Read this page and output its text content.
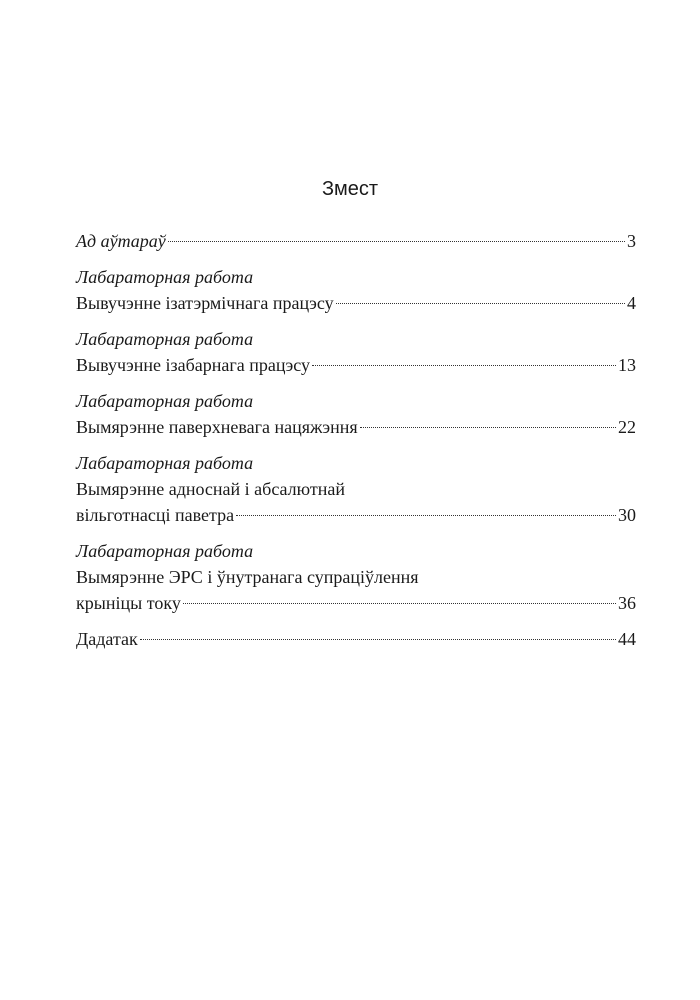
Змест
Ад аўтараў	3
Лабараторная работа
Вывучэнне ізатэрмічнага працэсу	4
Лабараторная работа
Вывучэнне ізабарнага працэсу	13
Лабараторная работа
Вымярэнне паверхневага нацяжэння	22
Лабараторная работа
Вымярэнне адноснай і абсалютнай
вільготнасці паветра	30
Лабараторная работа
Вымярэнне ЭРС і ўнутранага супраціўлення
крыніцы току	36
Дадатак	44
